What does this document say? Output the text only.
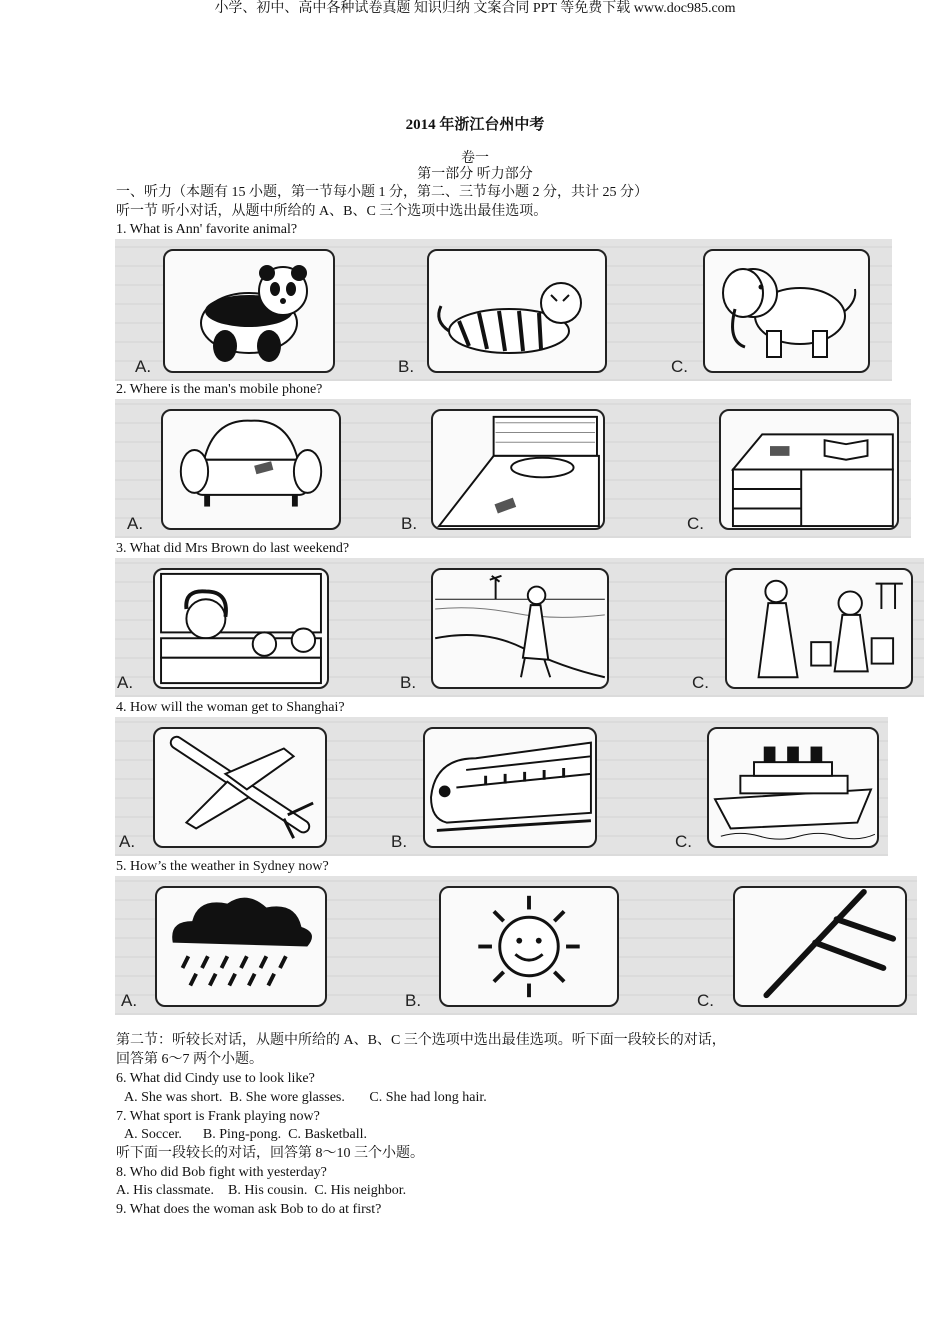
小学、初中、高中各种试卷真题 知识归纳 文案合同 PPT 等免费下载 www.doc985.com
2014 年浙江台州中考
卷一
第一部分 听力部分
一、听力（本题有 15 小题，第一节每小题 1 分，第二、三节每小题 2 分，共计 25 分）
听一节 听小对话，从题中所给的 A、B、C 三个选项中选出最佳选项。
1. What is Ann' favorite animal?
A.	B.	C.
2. Where is the man's mobile phone?
A.	B.	C.
3. What did Mrs Brown do last weekend?
A.	B.	C.
4. How will the woman get to Shanghai?
A.	B.	C.
5. How’s the weather in Sydney now?
A.	B.	C.
第二节：听较长对话，从题中所给的 A、B、C 三个选项中选出最佳选项。听下面一段较长的对话，
回答第 6～7 两个小题。
6. What did Cindy use to look like?
A. She was short.  B. She wore glasses.       C. She had long hair.
7. What sport is Frank playing now?
A. Soccer.      B. Ping-pong.  C. Basketball.
听下面一段较长的对话，回答第 8～10 三个小题。
8. Who did Bob fight with yesterday?
A. His classmate.    B. His cousin.  C. His neighbor.
9. What does the woman ask Bob to do at first?
